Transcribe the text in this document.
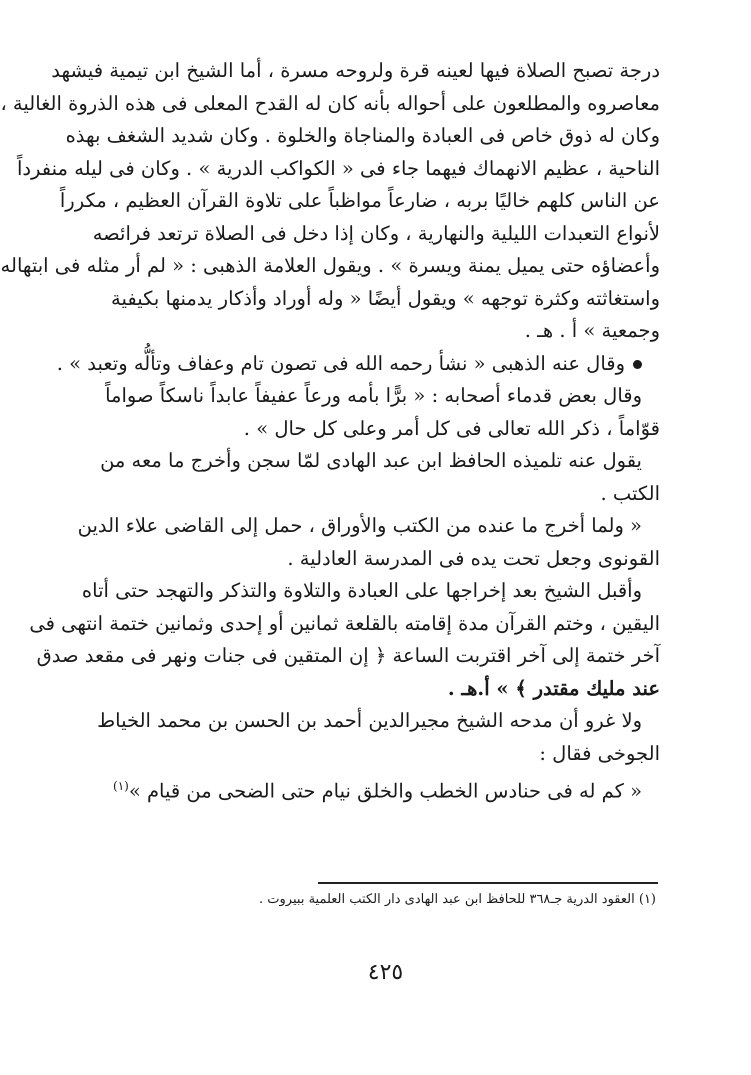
درجة تصبح الصلاة فيها لعينه قرة ولروحه مسرة ، أما الشيخ ابن تيمية فيشهد
معاصروه والمطلعون على أحواله بأنه كان له القدح المعلى فى هذه الذروة الغالية ،
وكان له ذوق خاص فى العبادة والمناجاة والخلوة . وكان شديد الشغف بهذه
الناحية ، عظيم الانهماك فيهما جاء فى « الكواكب الدرية » . وكان فى ليله منفرداً
عن الناس كلهم خاليًا بربه ، ضارعاً مواظباً على تلاوة القرآن العظيم ، مكرراً
لأنواع التعبدات الليلية والنهارية ، وكان إذا دخل فى الصلاة ترتعد فرائصه
وأعضاؤه حتى يميل يمنة ويسرة » . ويقول العلامة الذهبى : « لم أر مثله فى ابتهاله
واستغاثته وكثرة توجهه » ويقول أيضًا « وله أوراد وأذكار يدمنها بكيفية
وجمعية » أ . هـ .
وقال عنه الذهبى « نشأ رحمه الله فى تصون تام وعفاف وتألُّه وتعبد » .
وقال بعض قدماء أصحابه : « برًّا بأمه ورعاً عفيفاً عابداً ناسكاً صواماً
قوّاماً ، ذكر الله تعالى فى كل أمر وعلى كل حال » .
يقول عنه تلميذه الحافظ ابن عبد الهادى لمّا سجن وأخرج ما معه من
الكتب .
« ولما أخرج ما عنده من الكتب والأوراق ، حمل إلى القاضى علاء الدين
القونوى وجعل تحت يده فى المدرسة العادلية .
وأقبل الشيخ بعد إخراجها على العبادة والتلاوة والتذكر والتهجد حتى أتاه
اليقين ، وختم القرآن مدة إقامته بالقلعة ثمانين أو إحدى وثمانين ختمة انتهى فى
آخر ختمة إلى آخر اقتربت الساعة ﴿ إن المتقين فى جنات ونهر فى مقعد صدق
عند مليك مقتدر ﴾ » أ.هـ .
ولا غرو أن مدحه الشيخ مجيرالدين أحمد بن الحسن بن محمد الخياط
الجوخى فقال :
« كم له فى حنادس الخطب والخلق نيام حتى الضحى من قيام »$^{(١)}$
(١) العقود الدرية جـ٣٦٨ للحافظ ابن عبد الهادى دار الكتب العلمية ببيروت .
٤٢٥
